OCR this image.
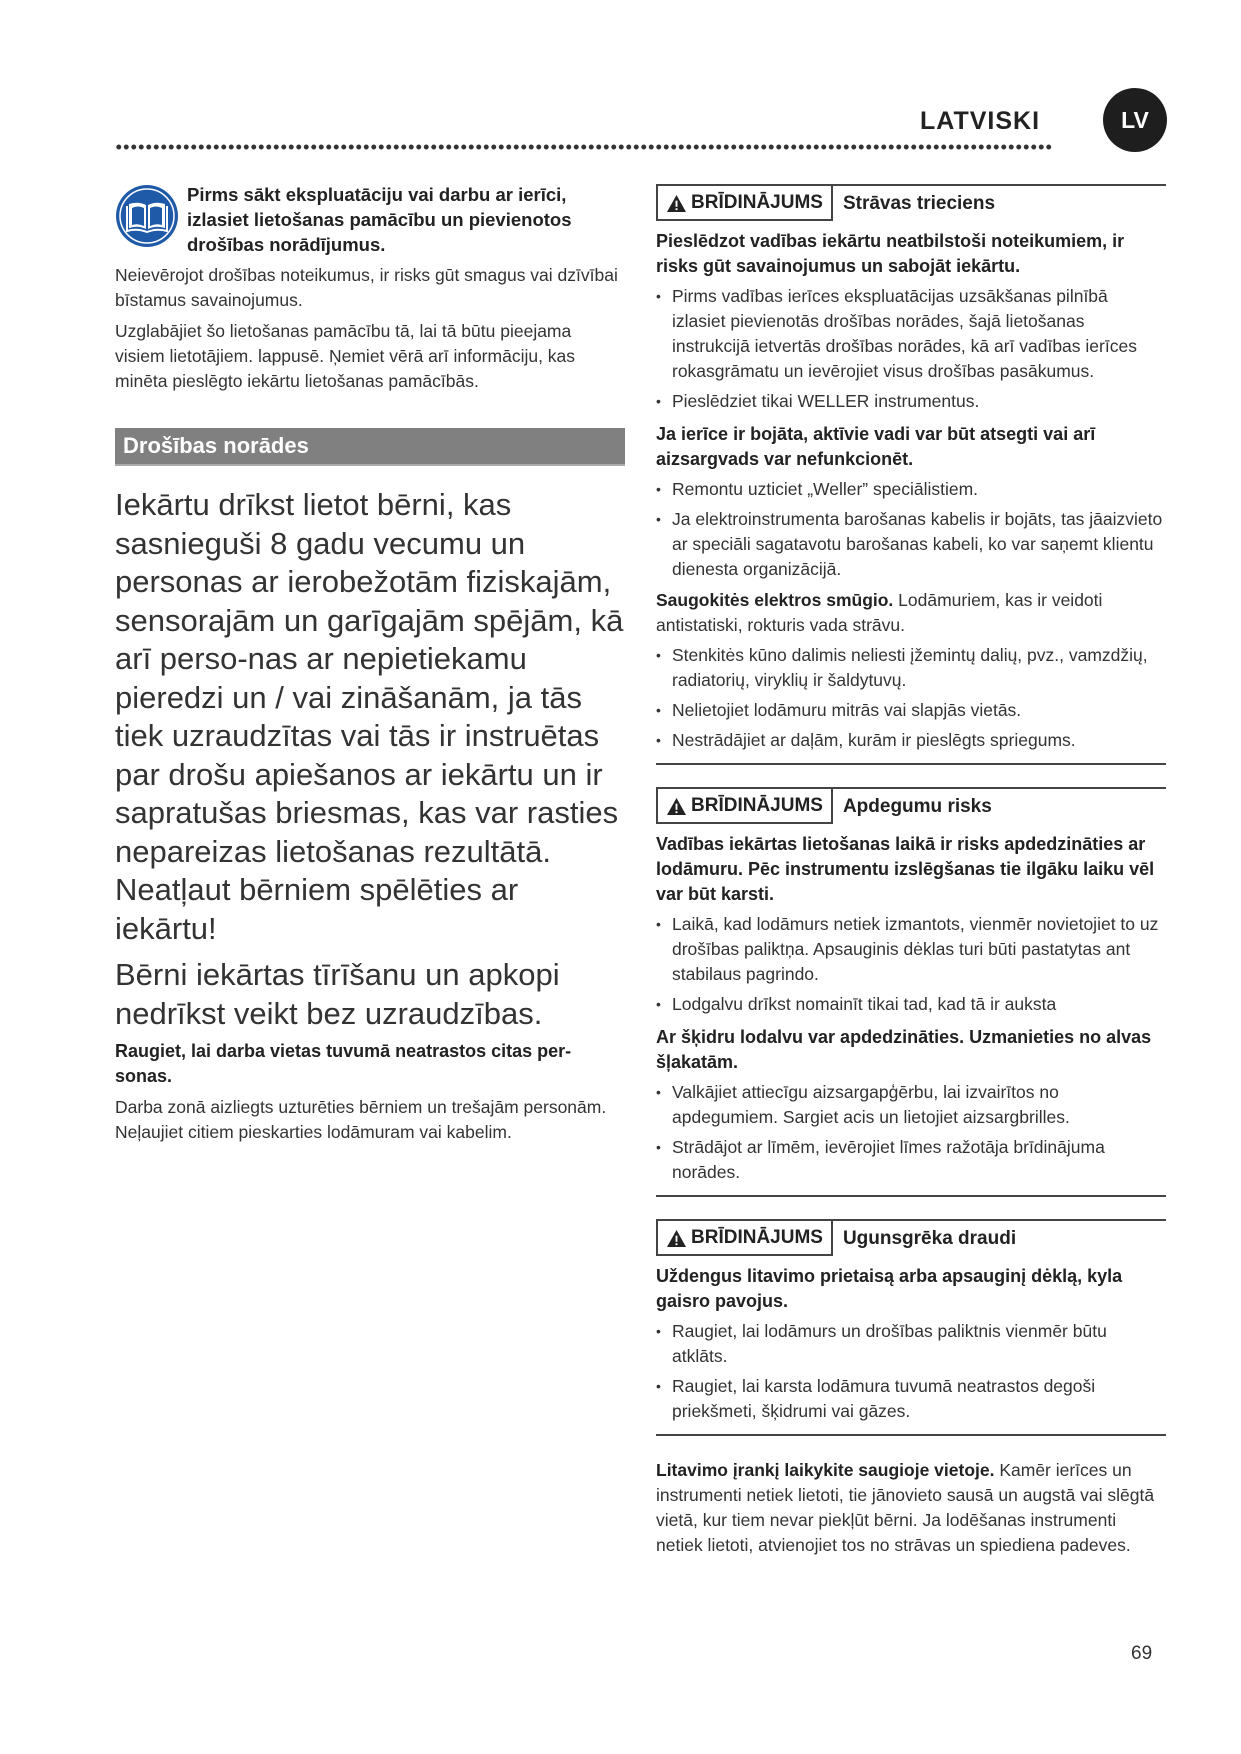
LATVISKI	LV
Pirms sākt ekspluatāciju vai darbu ar ierīci, izlasiet lietošanas pamācību un pievienotos drošības norādījumus.

Neievērojot drošības noteikumus, ir risks gūt smagus vai dzīvībai bīstamus savainojumus.

Uzglabājiet šo lietošanas pamācību tā, lai tā būtu pieejama visiem lietotājiem. lappusē. Ņemiet vērā arī informāciju, kas minēta pieslēgto iekārtu lietošanas pamācībās.

Drošības norādes
Iekārtu drīkst lietot bērni, kas sasnieguši 8 gadu vecumu un personas ar ierobežotām fiziskajām, sensorajām un garīgajām spējām, kā arī perso-nas ar nepietiekamu pieredzi un / vai zināšanām, ja tās tiek uzraudzītas vai tās ir instruētas par drošu apiešanos ar iekārtu un ir sapratušas briesmas, kas var rasties nepareizas lietošanas rezultātā. Neatļaut bērniem spēlēties ar iekārtu!
Bērni iekārtas tīrīšanu un apkopi nedrīkst veikt bez uzraudzības.
Raugiet, lai darba vietas tuvumā neatrastos citas per-sonas.

Darba zonā aizliegts uzturēties bērniem un trešajām personām. Neļaujiet citiem pieskarties lodāmuram vai kabelim.

BRĪDINĀJUMS	Strāvas trieciens
Pieslēdzot vadības iekārtu neatbilstoši noteikumiem, ir risks gūt savainojumus un sabojāt iekārtu.
• Pirms vadības ierīces ekspluatācijas uzsākšanas pilnībā izlasiet pievienotās drošības norādes, šajā lietošanas instrukcijā ietvertās drošības norādes, kā arī vadības ierīces rokasgrāmatu un ievērojiet visus drošības pasākumus.
• Pieslēdziet tikai WELLER instrumentus.
Ja ierīce ir bojāta, aktīvie vadi var būt atsegti vai arī aizsargvads var nefunkcionēt.
• Remontu uzticiet „Weller” speciālistiem.
• Ja elektroinstrumenta barošanas kabelis ir bojāts, tas jāaizvieto ar speciāli sagatavotu barošanas kabeli, ko var saņemt klientu dienesta organizācijā.
Saugokitės elektros smūgio. Lodāmuriem, kas ir veidoti antistatiski, rokturis vada strāvu.
• Stenkitės kūno dalimis neliesti įžemintų dalių, pvz., vamzdžių, radiatorių, viryklių ir šaldytuvų.
• Nelietojiet lodāmuru mitrās vai slapjās vietās.
• Nestrādājiet ar daļām, kurām ir pieslēgts spriegums.
BRĪDINĀJUMS	Apdegumu risks
Vadības iekārtas lietošanas laikā ir risks apdedzināties ar lodāmuru. Pēc instrumentu izslēgšanas tie ilgāku laiku vēl var būt karsti.
• Laikā, kad lodāmurs netiek izmantots, vienmēr novietojiet to uz drošības paliktņa. Apsauginis dėklas turi būti pastatytas ant stabilaus pagrindo.
• Lodgalvu drīkst nomainīt tikai tad, kad tā ir auksta
Ar šķidru lodalvu var apdedzināties. Uzmanieties no alvas šļakatām.
• Valkājiet attiecīgu aizsargapģērbu, lai izvairītos no apdegumiem. Sargiet acis un lietojiet aizsargbrilles.
• Strādājot ar līmēm, ievērojiet līmes ražotāja brīdinājuma norādes.
BRĪDINĀJUMS	Ugunsgrēka draudi
Uždengus litavimo prietaisą arba apsauginį dėklą, kyla gaisro pavojus.
• Raugiet, lai lodāmurs un drošības paliktnis vienmēr būtu atklāts.
• Raugiet, lai karsta lodāmura tuvumā neatrastos degoši priekšmeti, šķidrumi vai gāzes.
Litavimo įrankį laikykite saugioje vietoje. Kamēr ierīces un instrumenti netiek lietoti, tie jānovieto sausā un augstā vai slēgtā vietā, kur tiem nevar piekļūt bērni. Ja lodēšanas instrumenti netiek lietoti, atvienojiet tos no strāvas un spiediena padeves.
69
